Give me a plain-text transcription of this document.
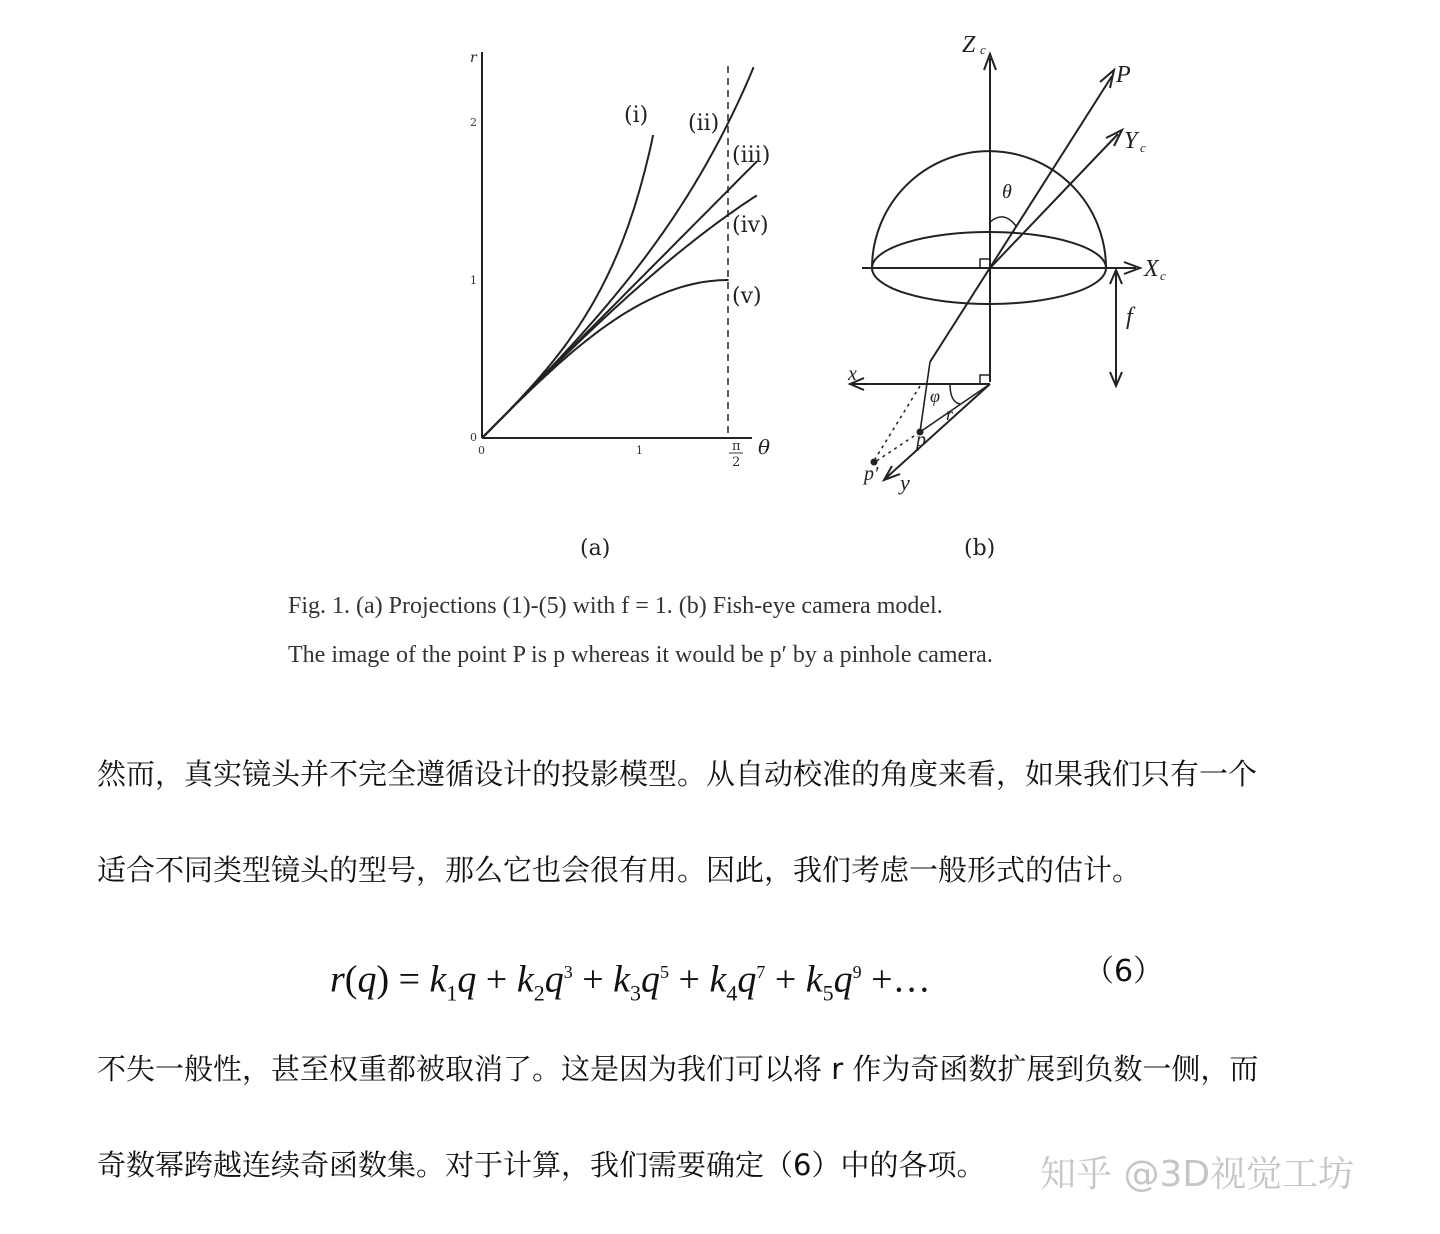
r
θ
2
1
0
0	1	π
2
(i) (ii)
(iii)
(iv)
(v)
(a)
Z c
P
Y c
θ
X c
f
x
φ
r
p
p′ y
(b)

Fig. 1. (a) Projections (1)-(5) with f = 1. (b) Fish-eye camera model.

The image of the point P is p whereas it would be p′ by a pinhole camera.

然而，真实镜头并不完全遵循设计的投影模型。从自动校准的角度来看，如果我们只有一个

适合不同类型镜头的型号，那么它也会很有用。因此，我们考虑一般形式的估计。

$r(q) = k_1q + k_2q^3 + k_3q^5 + k_4q^7 + k_5q^9$ +…	（6）

不失一般性，甚至权重都被取消了。这是因为我们可以将 r 作为奇函数扩展到负数一侧，而

奇数幂跨越连续奇函数集。对于计算，我们需要确定（6）中的各项。	知乎 @3D视觉工坊
